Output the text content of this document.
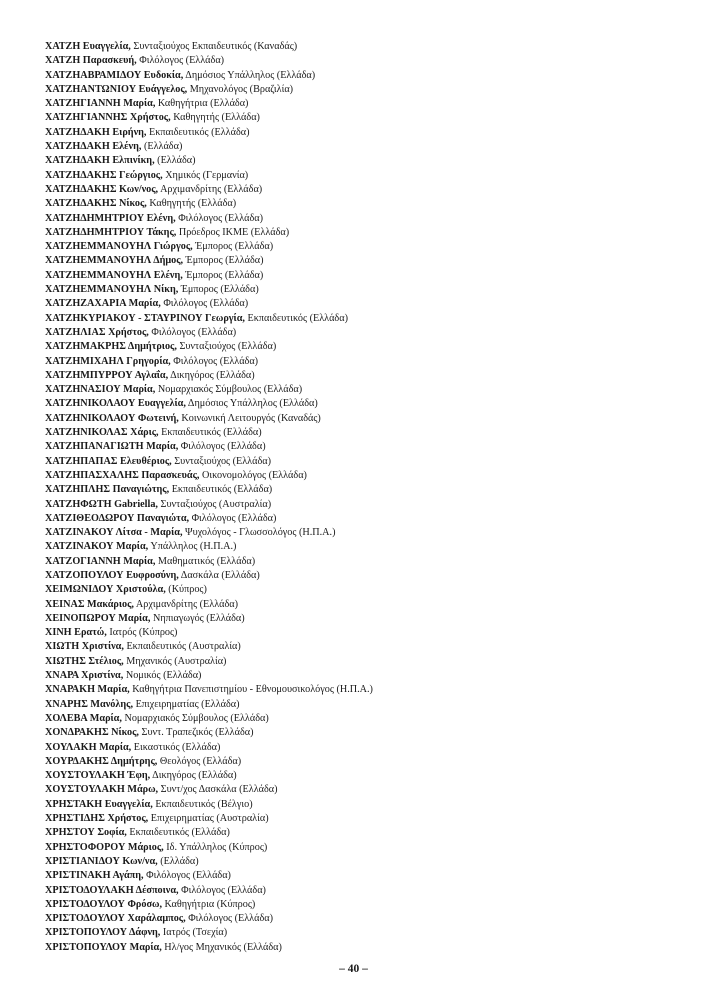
ΧΑΤΖΗ Ευαγγελία, Συνταξιούχος Εκπαιδευτικός (Καναδάς)
ΧΑΤΖΗ Παρασκευή, Φιλόλογος (Ελλάδα)
ΧΑΤΖΗΑΒΡΑΜΙΔΟΥ Ευδοκία, Δημόσιος Υπάλληλος (Ελλάδα)
ΧΑΤΖΗΑΝΤΩΝΙΟΥ Ευάγγελος, Μηχανολόγος (Βραζιλία)
ΧΑΤΖΗΓΙΑΝΝΗ Μαρία, Καθηγήτρια (Ελλάδα)
ΧΑΤΖΗΓΙΑΝΝΗΣ Χρήστος, Καθηγητής (Ελλάδα)
ΧΑΤΖΗΔΑΚΗ Ειρήνη, Εκπαιδευτικός (Ελλάδα)
ΧΑΤΖΗΔΑΚΗ Ελένη, (Ελλάδα)
ΧΑΤΖΗΔΑΚΗ Ελπινίκη, (Ελλάδα)
ΧΑΤΖΗΔΑΚΗΣ Γεώργιος, Χημικός (Γερμανία)
ΧΑΤΖΗΔΑΚΗΣ Κων/νος, Αρχιμανδρίτης (Ελλάδα)
ΧΑΤΖΗΔΑΚΗΣ Νίκος, Καθηγητής (Ελλάδα)
ΧΑΤΖΗΔΗΜΗΤΡΙΟΥ Ελένη, Φιλόλογος (Ελλάδα)
ΧΑΤΖΗΔΗΜΗΤΡΙΟΥ Τάκης, Πρόεδρος ΙΚΜΕ (Ελλάδα)
ΧΑΤΖΗΕΜΜΑΝΟΥΗΛ Γιώργος, Έμπορος (Ελλάδα)
ΧΑΤΖΗΕΜΜΑΝΟΥΗΛ Δήμος, Έμπορος (Ελλάδα)
ΧΑΤΖΗΕΜΜΑΝΟΥΗΛ Ελένη, Έμπορος (Ελλάδα)
ΧΑΤΖΗΕΜΜΑΝΟΥΗΛ Νίκη, Έμπορος (Ελλάδα)
ΧΑΤΖΗΖΑΧΑΡΙΑ Μαρία, Φιλόλογος (Ελλάδα)
ΧΑΤΖΗΚΥΡΙΑΚΟΥ - ΣΤΑΥΡΙΝΟΥ Γεωργία, Εκπαιδευτικός (Ελλάδα)
ΧΑΤΖΗΛΙΑΣ Χρήστος, Φιλόλογος (Ελλάδα)
ΧΑΤΖΗΜΑΚΡΗΣ Δημήτριος, Συνταξιούχος (Ελλάδα)
ΧΑΤΖΗΜΙΧΑΗΛ Γρηγορία, Φιλόλογος (Ελλάδα)
ΧΑΤΖΗΜΠΥΡΡΟΥ Αγλαΐα, Δικηγόρος (Ελλάδα)
ΧΑΤΖΗΝΑΣΙΟΥ Μαρία, Νομαρχιακός Σύμβουλος (Ελλάδα)
ΧΑΤΖΗΝΙΚΟΛΑΟΥ Ευαγγελία, Δημόσιος Υπάλληλος (Ελλάδα)
ΧΑΤΖΗΝΙΚΟΛΑΟΥ Φωτεινή, Κοινωνική Λειτουργός (Καναδάς)
ΧΑΤΖΗΝΙΚΟΛΑΣ Χάρις, Εκπαιδευτικός (Ελλάδα)
ΧΑΤΖΗΠΑΝΑΓΙΩΤΗ Μαρία, Φιλόλογος (Ελλάδα)
ΧΑΤΖΗΠΑΠΑΣ Ελευθέριος, Συνταξιούχος (Ελλάδα)
ΧΑΤΖΗΠΑΣΧΑΛΗΣ Παρασκευάς, Οικονομολόγος (Ελλάδα)
ΧΑΤΖΗΠΛΗΣ Παναγιώτης, Εκπαιδευτικός (Ελλάδα)
ΧΑΤΖΗΦΩΤΗ Gabriella, Συνταξιούχος (Αυστραλία)
ΧΑΤΖΙΘΕΟΔΩΡΟΥ Παναγιώτα, Φιλόλογος (Ελλάδα)
ΧΑΤΖΙΝΑΚΟΥ Λίτσα - Μαρία, Ψυχολόγος - Γλωσσολόγος (Η.Π.Α.)
ΧΑΤΖΙΝΑΚΟΥ Μαρία, Υπάλληλος (Η.Π.Α.)
ΧΑΤΖΟΓΙΑΝΝΗ Μαρία, Μαθηματικός (Ελλάδα)
ΧΑΤΖΟΠΟΥΛΟΥ Ευφροσύνη, Δασκάλα (Ελλάδα)
ΧΕΙΜΩΝΙΔΟΥ Χριστούλα, (Κύπρος)
ΧΕΙΝΑΣ Μακάριος, Αρχιμανδρίτης (Ελλάδα)
ΧΕΙΝΟΠΩΡΟΥ Μαρία, Νηπιαγωγός (Ελλάδα)
ΧΙΝΗ Ερατώ, Ιατρός (Κύπρος)
ΧΙΩΤΗ Χριστίνα, Εκπαιδευτικός (Αυστραλία)
ΧΙΩΤΗΣ Στέλιος, Μηχανικός (Αυστραλία)
ΧΝΑΡΑ Χριστίνα, Νομικός (Ελλάδα)
ΧΝΑΡΑΚΗ Μαρία, Καθηγήτρια Πανεπιστημίου - Εθνομουσικολόγος (Η.Π.Α.)
ΧΝΑΡΗΣ Μανόλης, Επιχειρηματίας (Ελλάδα)
ΧΟΛΕΒΑ Μαρία, Νομαρχιακός Σύμβουλος (Ελλάδα)
ΧΟΝΔΡΑΚΗΣ Νίκος, Συντ. Τραπεζικός (Ελλάδα)
ΧΟΥΛΑΚΗ Μαρία, Εικαστικός (Ελλάδα)
ΧΟΥΡΔΑΚΗΣ Δημήτρης, Θεολόγος (Ελλάδα)
ΧΟΥΣΤΟΥΛΑΚΗ Έφη, Δικηγόρος (Ελλάδα)
ΧΟΥΣΤΟΥΛΑΚΗ Μάρω, Συντ/χος Δασκάλα (Ελλάδα)
ΧΡΗΣΤΑΚΗ Ευαγγελία, Εκπαιδευτικός (Βέλγιο)
ΧΡΗΣΤΙΔΗΣ Χρήστος, Επιχειρηματίας (Αυστραλία)
ΧΡΗΣΤΟΥ Σοφία, Εκπαιδευτικός (Ελλάδα)
ΧΡΗΣΤΟΦΟΡΟΥ Μάριος, Ιδ. Υπάλληλος (Κύπρος)
ΧΡΙΣΤΙΑΝΙΔΟΥ Κων/να, (Ελλάδα)
ΧΡΙΣΤΙΝΑΚΗ Αγάπη, Φιλόλογος (Ελλάδα)
ΧΡΙΣΤΟΔΟΥΛΑΚΗ Δέσποινα, Φιλόλογος (Ελλάδα)
ΧΡΙΣΤΟΔΟΥΛΟΥ Φρόσω, Καθηγήτρια (Κύπρος)
ΧΡΙΣΤΟΔΟΥΛΟΥ Χαράλαμπος, Φιλόλογος (Ελλάδα)
ΧΡΙΣΤΟΠΟΥΛΟΥ Δάφνη, Ιατρός (Τσεχία)
ΧΡΙΣΤΟΠΟΥΛΟΥ Μαρία, Ηλ/γος Μηχανικός (Ελλάδα)
– 40 –
